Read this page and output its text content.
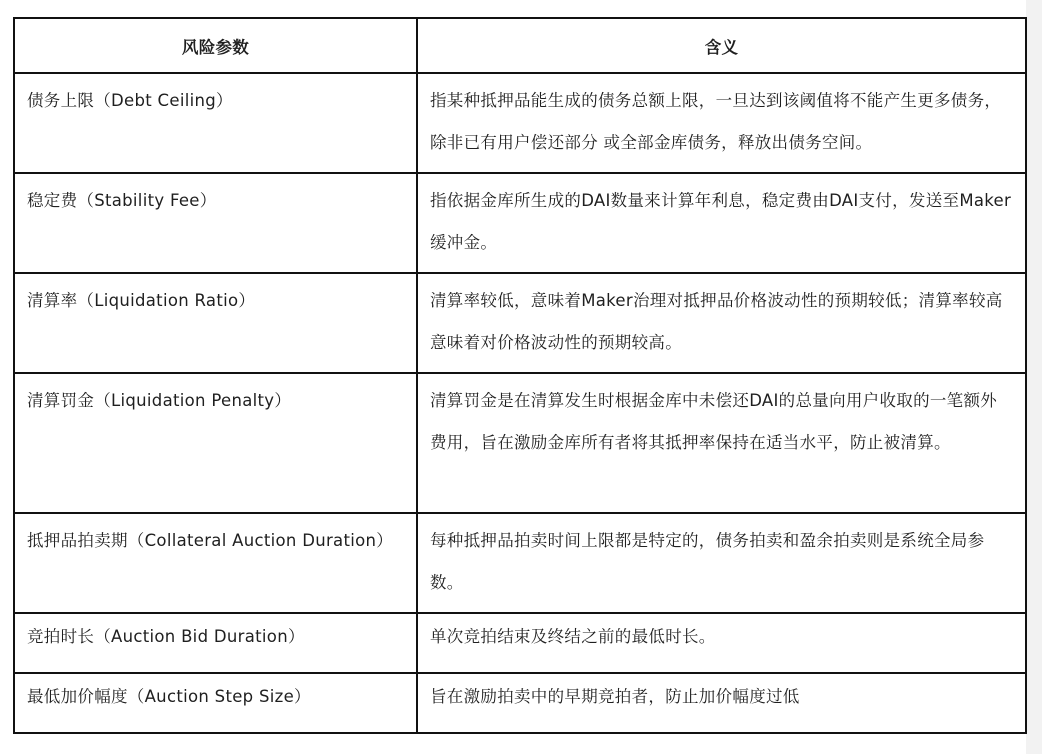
风险参数	含义

债务上限（Debt Ceiling）	指某种抵押品能生成的债务总额上限，一旦达到该阈值将不能产生更多债务，除非已有用户偿还部分 或全部金库债务，释放出债务空间。

稳定费（Stability Fee）	指依据金库所生成的DAI数量来计算年利息，稳定费由DAI支付，发送至Maker缓冲金。

清算率（Liquidation Ratio）	清算率较低，意味着Maker治理对抵押品价格波动性的预期较低；清算率较高意味着对价格波动性的预期较高。

清算罚金（Liquidation Penalty）	清算罚金是在清算发生时根据金库中未偿还DAI的总量向用户收取的一笔额外费用，旨在激励金库所有者将其抵押率保持在适当水平，防止被清算。

抵押品拍卖期（Collateral Auction Duration）	每种抵押品拍卖时间上限都是特定的，债务拍卖和盈余拍卖则是系统全局参数。

竞拍时长（Auction Bid Duration）	单次竞拍结束及终结之前的最低时长。

最低加价幅度（Auction Step Size）	旨在激励拍卖中的早期竞拍者，防止加价幅度过低
